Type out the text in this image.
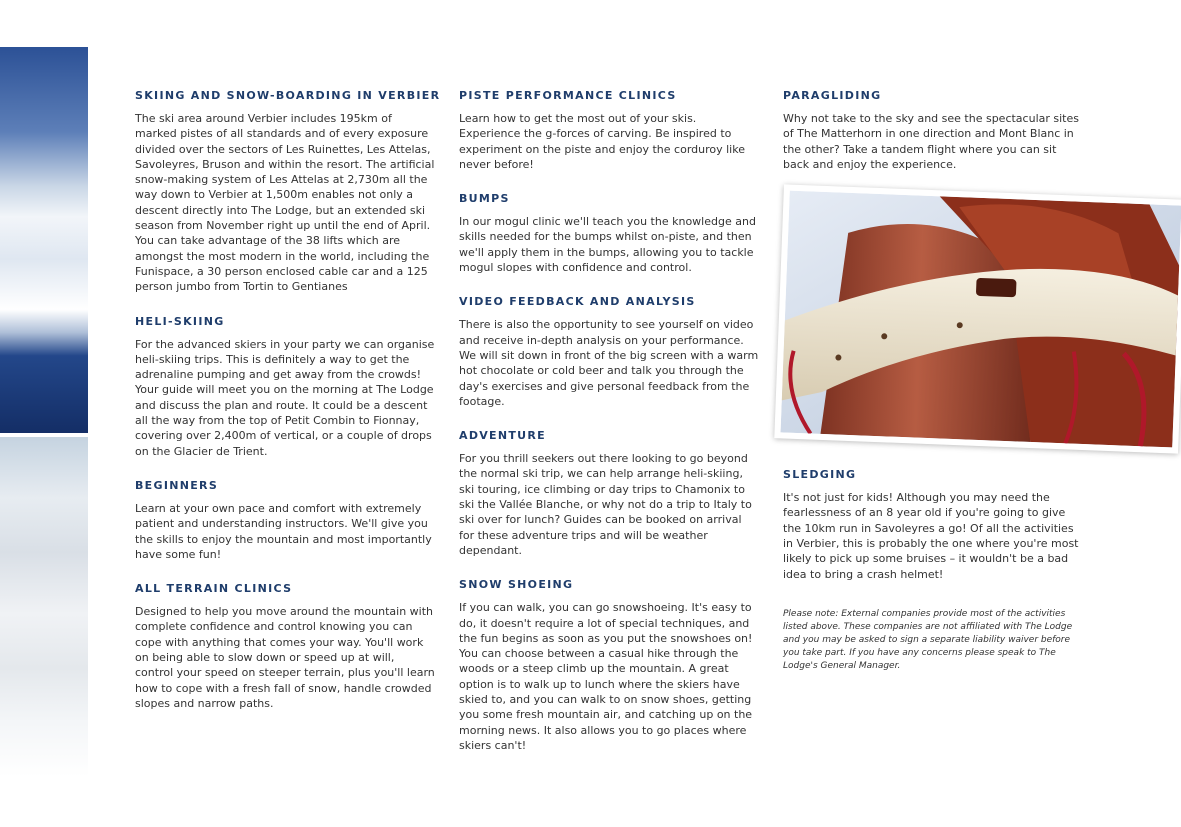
SKIING AND SNOW-BOARDING IN VERBIER

The ski area around Verbier includes 195km of marked pistes of all standards and of every exposure divided over the sectors of Les Ruinettes, Les Attelas, Savoleyres, Bruson and within the resort. The artificial snow-making system of Les Attelas at 2,730m all the way down to Verbier at 1,500m enables not only a descent directly into The Lodge, but an extended ski season from November right up until the end of April. You can take advantage of the 38 lifts which are amongst the most modern in the world, including the Funispace, a 30 person enclosed cable car and a 125 person jumbo from Tortin to Gentianes

HELI-SKIING

For the advanced skiers in your party we can organise heli-skiing trips. This is definitely a way to get the adrenaline pumping and get away from the crowds! Your guide will meet you on the morning at The Lodge and discuss the plan and route. It could be a descent all the way from the top of Petit Combin to Fionnay, covering over 2,400m of vertical, or a couple of drops on the Glacier de Trient.

BEGINNERS

Learn at your own pace and comfort with extremely patient and understanding instructors. We'll give you the skills to enjoy the mountain and most importantly have some fun!

ALL TERRAIN CLINICS

Designed to help you move around the mountain with complete confidence and control knowing you can cope with anything that comes your way. You'll work on being able to slow down or speed up at will, control your speed on steeper terrain, plus you'll learn how to cope with a fresh fall of snow, handle crowded slopes and narrow paths.

PISTE PERFORMANCE CLINICS

Learn how to get the most out of your skis. Experience the g-forces of carving. Be inspired to experiment on the piste and enjoy the corduroy like never before!

BUMPS

In our mogul clinic we'll teach you the knowledge and skills needed for the bumps whilst on-piste, and then we'll apply them in the bumps, allowing you to tackle mogul slopes with confidence and control.

VIDEO FEEDBACK AND ANALYSIS

There is also the opportunity to see yourself on video and receive in-depth analysis on your performance. We will sit down in front of the big screen with a warm hot chocolate or cold beer and talk you through the day's exercises and give personal feedback from the footage.

ADVENTURE

For you thrill seekers out there looking to go beyond the normal ski trip, we can help arrange heli-skiing, ski touring, ice climbing or day trips to Chamonix to ski the Vallée Blanche, or why not do a trip to Italy to ski over for lunch? Guides can be booked on arrival for these adventure trips and will be weather dependant.

SNOW SHOEING

If you can walk, you can go snowshoeing. It's easy to do, it doesn't require a lot of special techniques, and the fun begins as soon as you put the snowshoes on! You can choose between a casual hike through the woods or a steep climb up the mountain. A great option is to walk up to lunch where the skiers have skied to, and you can walk to on snow shoes, getting you some fresh mountain air, and catching up on the morning news. It also allows you to go places where skiers can't!

PARAGLIDING

Why not take to the sky and see the spectacular sites of The Matterhorn in one direction and Mont Blanc in the other? Take a tandem flight where you can sit back and enjoy the experience.

SLEDGING

It's not just for kids! Although you may need the fearlessness of an 8 year old if you're going to give the 10km run in Savoleyres a go! Of all the activities in Verbier, this is probably the one where you're most likely to pick up some bruises – it wouldn't be a bad idea to bring a crash helmet!

Please note: External companies provide most of the activities listed above. These companies are not affiliated with The Lodge and you may be asked to sign a separate liability waiver before you take part. If you have any concerns please speak to The Lodge's General Manager.
